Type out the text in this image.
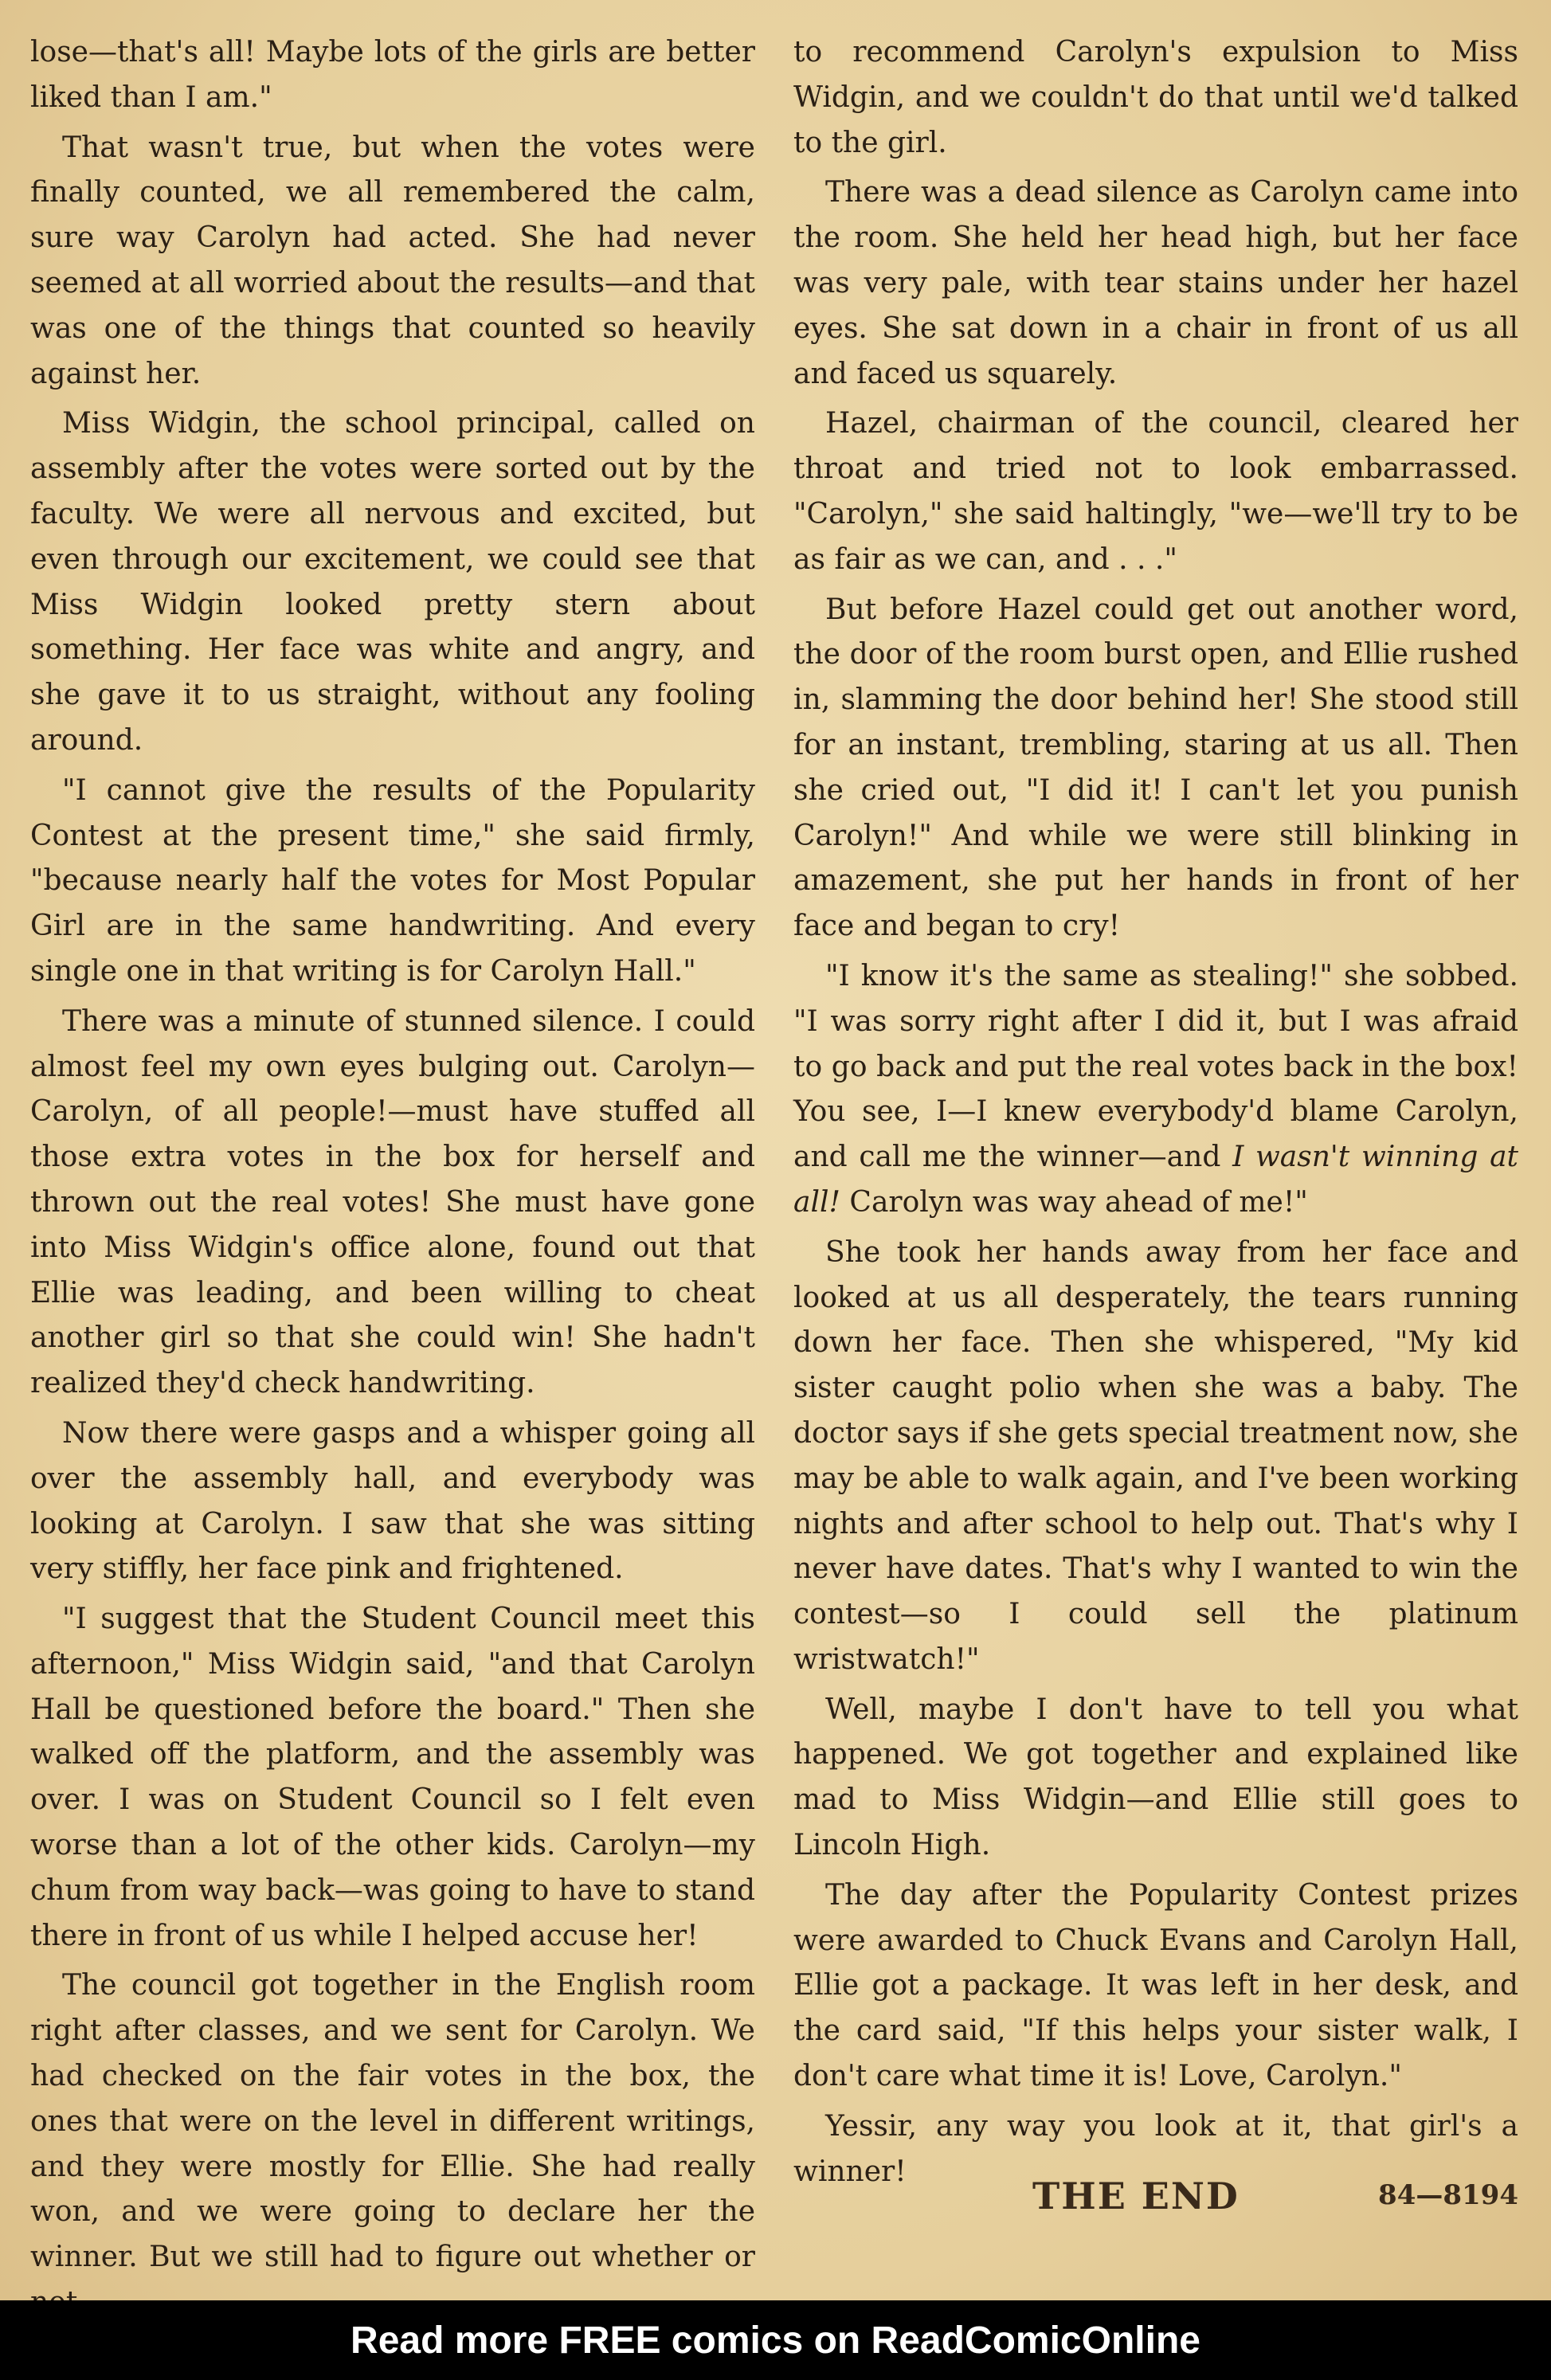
lose—that's all! Maybe lots of the girls are better liked than I am."

That wasn't true, but when the votes were finally counted, we all remembered the calm, sure way Carolyn had acted. She had never seemed at all worried about the results—and that was one of the things that counted so heavily against her.

Miss Widgin, the school principal, called on assembly after the votes were sorted out by the faculty. We were all nervous and excited, but even through our excitement, we could see that Miss Widgin looked pretty stern about something. Her face was white and angry, and she gave it to us straight, without any fooling around.

"I cannot give the results of the Popularity Contest at the present time," she said firmly, "because nearly half the votes for Most Popular Girl are in the same handwriting. And every single one in that writing is for Carolyn Hall."

There was a minute of stunned silence. I could almost feel my own eyes bulging out. Carolyn—Carolyn, of all people!—must have stuffed all those extra votes in the box for herself and thrown out the real votes! She must have gone into Miss Widgin's office alone, found out that Ellie was leading, and been willing to cheat another girl so that she could win! She hadn't realized they'd check handwriting.

Now there were gasps and a whisper going all over the assembly hall, and everybody was looking at Carolyn. I saw that she was sitting very stiffly, her face pink and frightened.

"I suggest that the Student Council meet this afternoon," Miss Widgin said, "and that Carolyn Hall be questioned before the board." Then she walked off the platform, and the assembly was over. I was on Student Council so I felt even worse than a lot of the other kids. Carolyn—my chum from way back—was going to have to stand there in front of us while I helped accuse her!

The council got together in the English room right after classes, and we sent for Carolyn. We had checked on the fair votes in the box, the ones that were on the level in different writings, and they were mostly for Ellie. She had really won, and we were going to declare her the winner. But we still had to figure out whether or

to recommend Carolyn's expulsion to Miss Widgin, and we couldn't do that until we'd talked to the girl.

There was a dead silence as Carolyn came into the room. She held her head high, but her face was very pale, with tear stains under her hazel eyes. She sat down in a chair in front of us all and faced us squarely.

Hazel, chairman of the council, cleared her throat and tried not to look embarrassed. "Carolyn," she said haltingly, "we—we'll try to be as fair as we can, and . . ."

But before Hazel could get out another word, the door of the room burst open, and Ellie rushed in, slamming the door behind her! She stood still for an instant, trembling, staring at us all. Then she cried out, "I did it! I can't let you punish Carolyn!" And while we were still blinking in amazement, she put her hands in front of her face and began to cry!

"I know it's the same as stealing!" she sobbed. "I was sorry right after I did it, but I was afraid to go back and put the real votes back in the box! You see, I—I knew everybody'd blame Carolyn, and call me the winner—and I wasn't winning at all! Carolyn was way ahead of me!"

She took her hands away from her face and looked at us all desperately, the tears running down her face. Then she whispered, "My kid sister caught polio when she was a baby. The doctor says if she gets special treatment now, she may be able to walk again, and I've been working nights and after school to help out. That's why I never have dates. That's why I wanted to win the contest—so I could sell the platinum wristwatch!"

Well, maybe I don't have to tell you what happened. We got together and explained like mad to Miss Widgin—and Ellie still goes to Lincoln High.

The day after the Popularity Contest prizes were awarded to Chuck Evans and Carolyn Hall, Ellie got a package. It was left in her desk, and the card said, "If this helps your sister walk, I don't care what time it is! Love, Carolyn."

Yessir, any way you look at it, that girl's a winner!

THE END	84—8194
Read more FREE comics on ReadComicOnline
